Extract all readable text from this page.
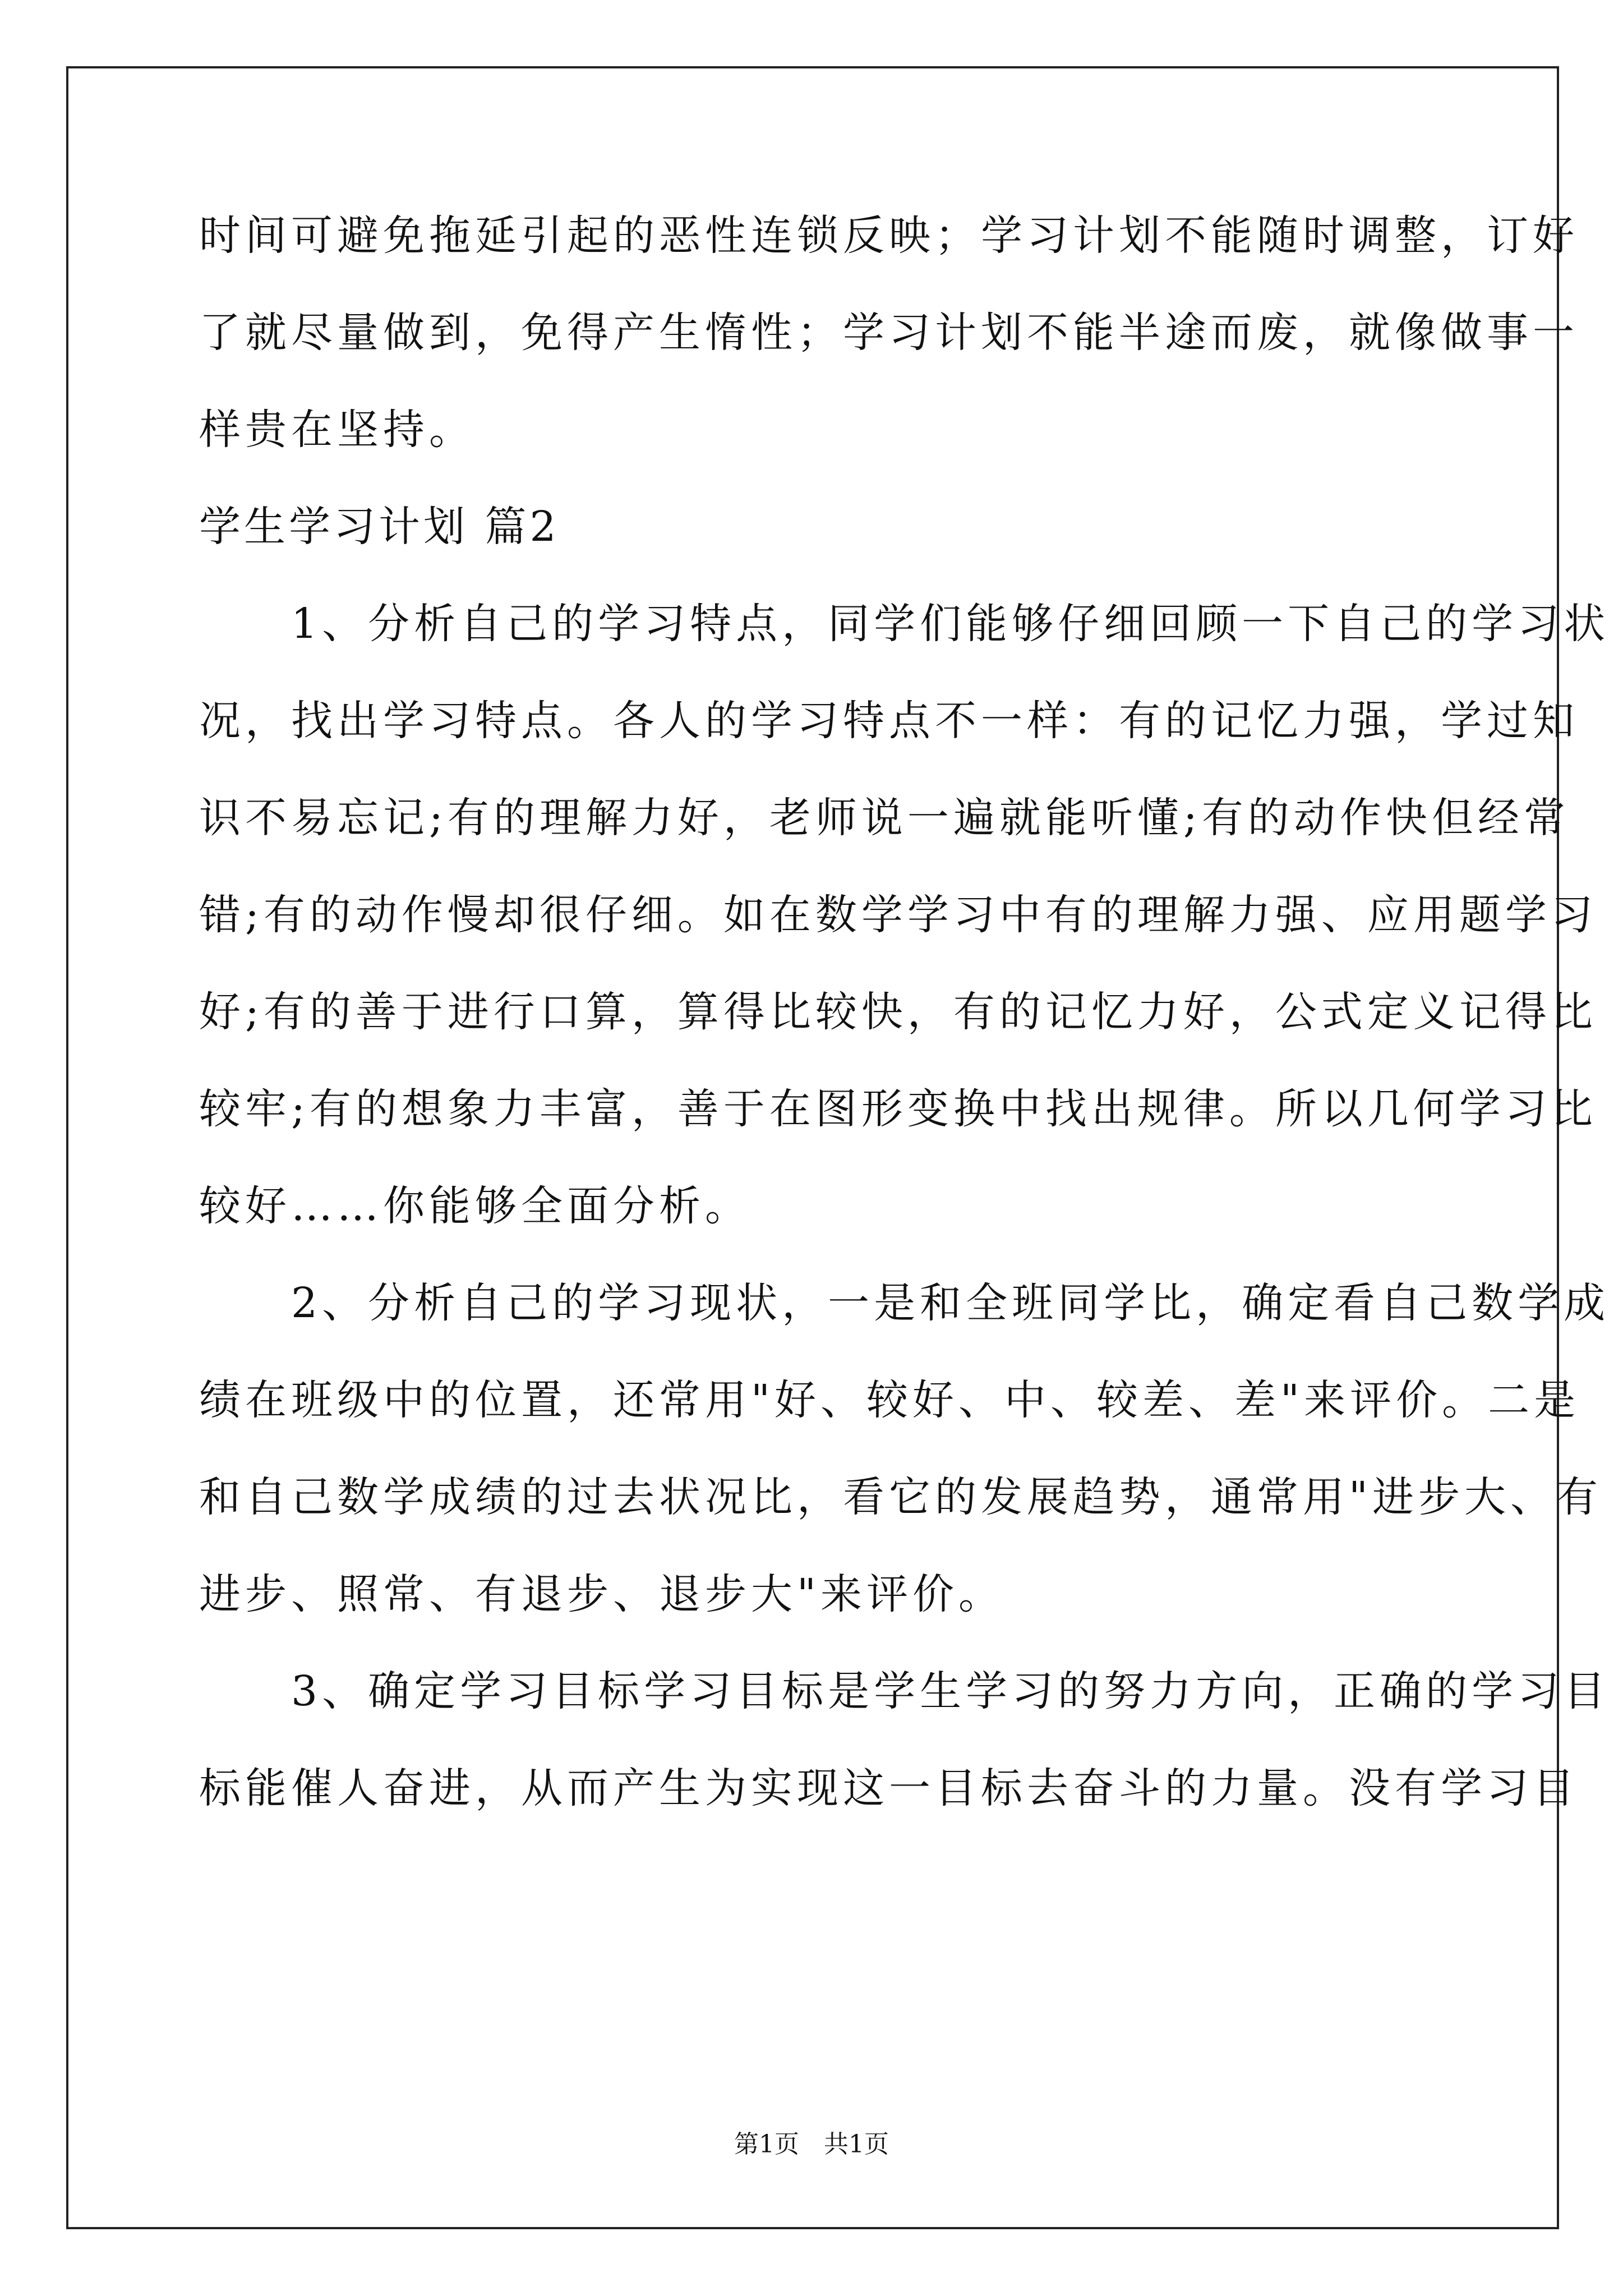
时间可避免拖延引起的恶性连锁反映；学习计划不能随时调整，订好
了就尽量做到，免得产生惰性；学习计划不能半途而废，就像做事一
样贵在坚持。
学生学习计划 篇2
　　1、分析自己的学习特点，同学们能够仔细回顾一下自己的学习状
况，找出学习特点。各人的学习特点不一样：有的记忆力强，学过知
识不易忘记;有的理解力好，老师说一遍就能听懂;有的动作快但经常
错;有的动作慢却很仔细。如在数学学习中有的理解力强、应用题学习
好;有的善于进行口算，算得比较快，有的记忆力好，公式定义记得比
较牢;有的想象力丰富，善于在图形变换中找出规律。所以几何学习比
较好……你能够全面分析。
　　2、分析自己的学习现状，一是和全班同学比，确定看自己数学成
绩在班级中的位置，还常用"好、较好、中、较差、差"来评价。二是
和自己数学成绩的过去状况比，看它的发展趋势，通常用"进步大、有
进步、照常、有退步、退步大"来评价。
　　3、确定学习目标学习目标是学生学习的努力方向，正确的学习目
标能催人奋进，从而产生为实现这一目标去奋斗的力量。没有学习目
第1页　共1页
